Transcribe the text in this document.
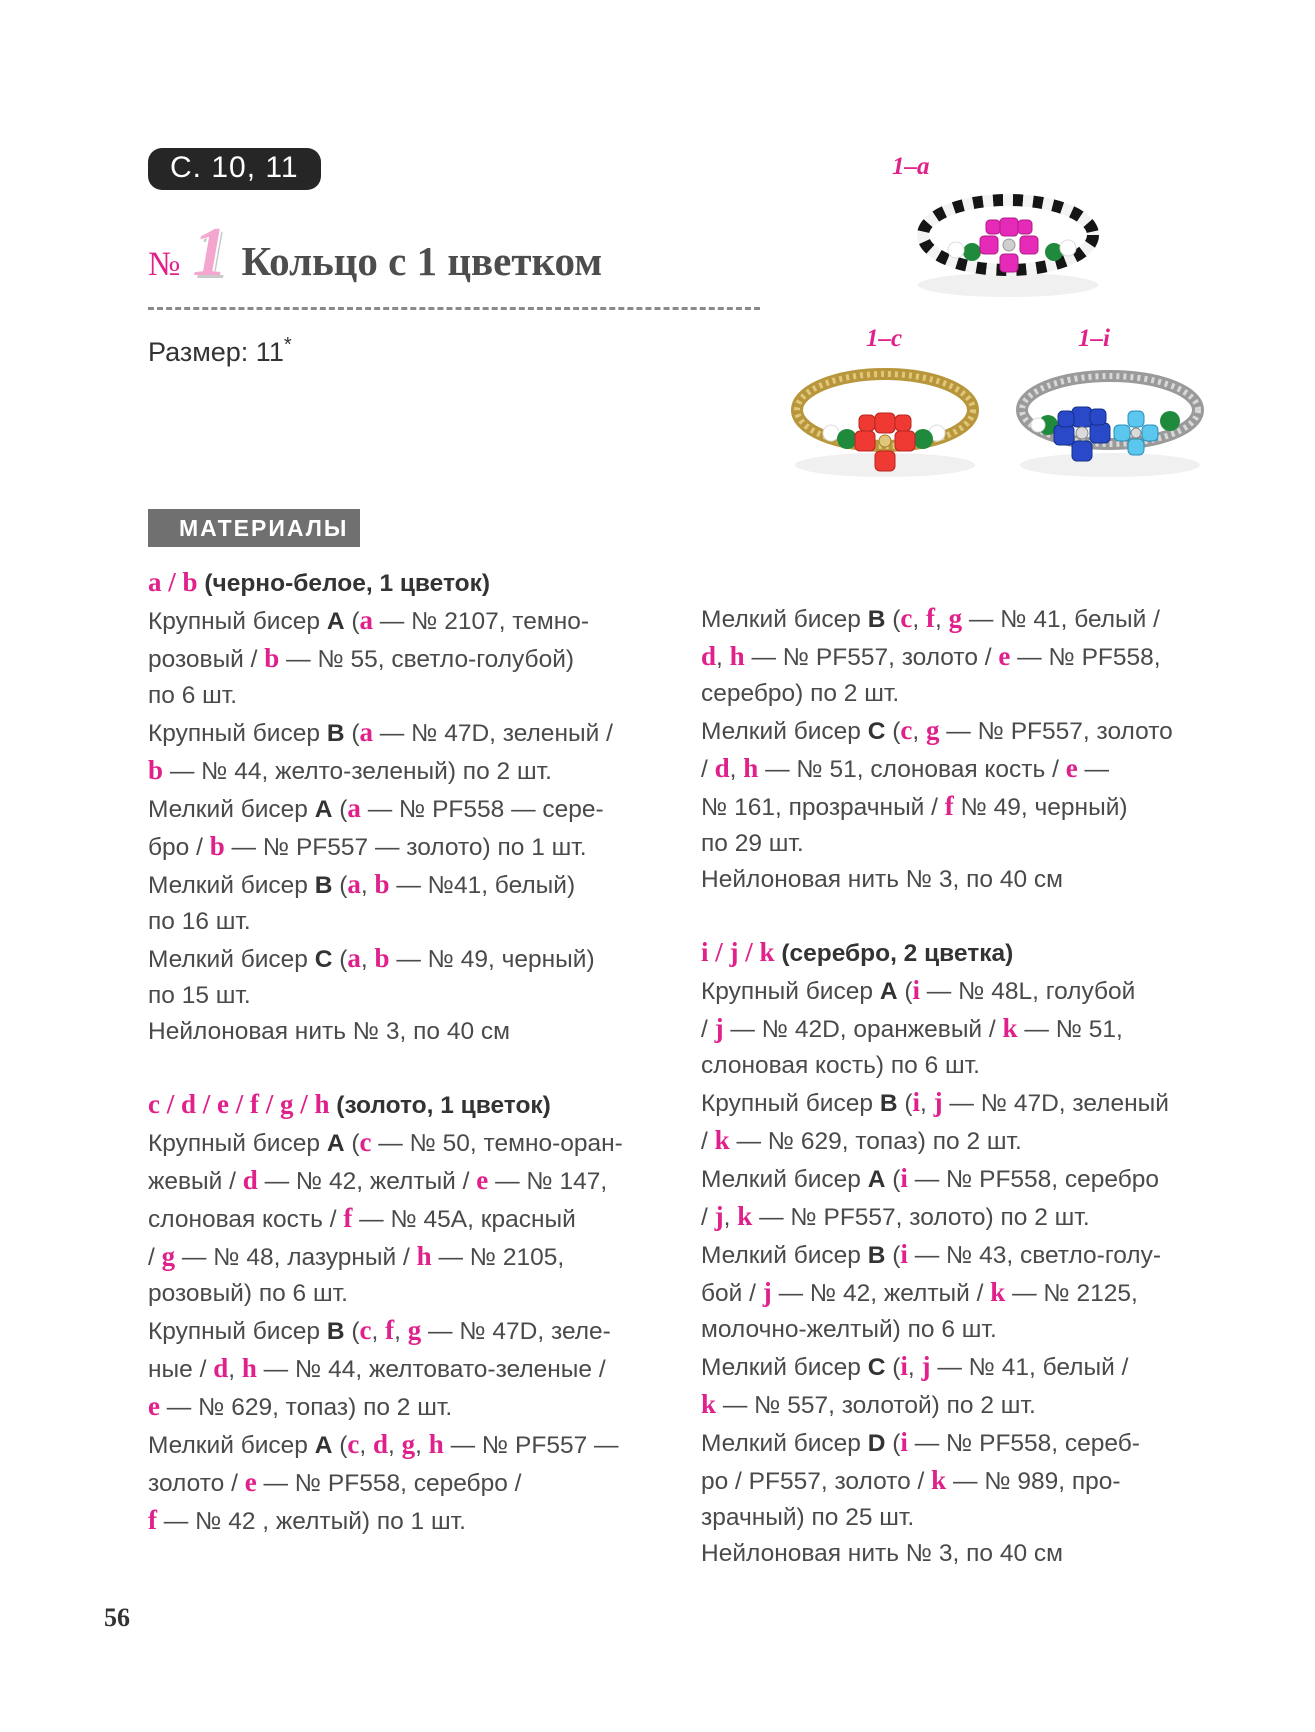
С. 10, 11
№ 1 Кольцо с 1 цветком
Размер: 11*
1–a
1–c	1–i
МАТЕРИАЛЫ

a / b (черно-белое, 1 цветок)

Крупный бисер A (a — № 2107, темно-

розовый / b — № 55, светло-голубой)

по 6 шт.

Крупный бисер B (a — № 47D, зеленый /

b — № 44, желто-зеленый) по 2 шт.

Мелкий бисер A (a — № PF558 — сере-

бро / b — № PF557 — золото) по 1 шт.

Мелкий бисер B (a, b — №41, белый)

по 16 шт.

Мелкий бисер C (a, b — № 49, черный)

по 15 шт.

Нейлоновая нить № 3, по 40 см

c / d / e / f / g / h (золото, 1 цветок)

Крупный бисер A (c — № 50, темно-оран-

жевый / d — № 42, желтый / e — № 147,

слоновая кость / f — № 45A, красный

/ g — № 48, лазурный / h — № 2105,

розовый) по 6 шт.

Крупный бисер B (c, f, g — № 47D, зеле-

ные / d, h — № 44, желтовато-зеленые /

e — № 629, топаз) по 2 шт.

Мелкий бисер A (c, d, g, h — № PF557 —

золото / e — № PF558, серебро /

f — № 42 , желтый) по 1 шт.

Мелкий бисер B (c, f, g — № 41, белый /

d, h — № PF557, золото / e — № PF558,

серебро) по 2 шт.

Мелкий бисер C (c, g — № PF557, золото

/ d, h — № 51, слоновая кость / e —

№ 161, прозрачный / f № 49, черный)

по 29 шт.

Нейлоновая нить № 3, по 40 см

i / j / k (серебро, 2 цветка)

Крупный бисер A (i — № 48L, голубой

/ j — № 42D, оранжевый / k — № 51,

слоновая кость) по 6 шт.

Крупный бисер B (i, j — № 47D, зеленый

/ k — № 629, топаз) по 2 шт.

Мелкий бисер A (i — № PF558, серебро

/ j, k — № PF557, золото) по 2 шт.

Мелкий бисер B (i — № 43, светло-голу-

бой / j — № 42, желтый / k — № 2125,

молочно-желтый) по 6 шт.

Мелкий бисер C (i, j — № 41, белый /

k — № 557, золотой) по 2 шт.

Мелкий бисер D (i — № PF558, сереб-

ро / PF557, золото / k — № 989, про-

зрачный) по 25 шт.

Нейлоновая нить № 3, по 40 см

56
